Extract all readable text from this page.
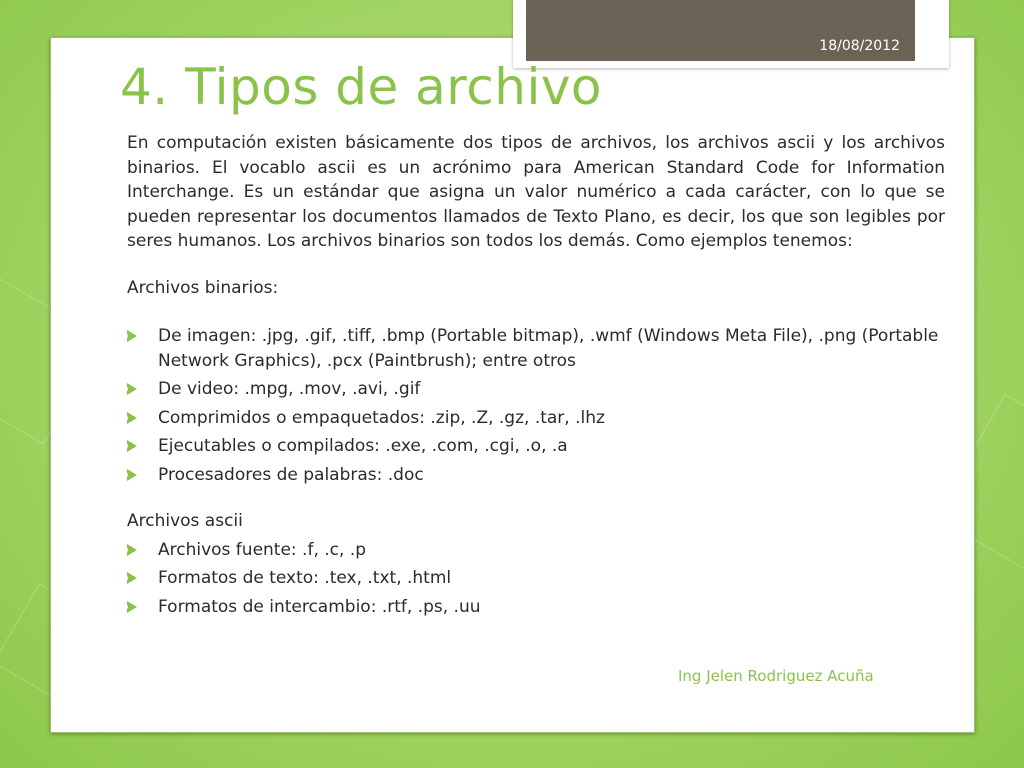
18/08/2012
4. Tipos de archivo

En computación existen básicamente dos tipos de archivos, los archivos ascii y los archivos binarios. El vocablo ascii es un acrónimo para American Standard Code for Information Interchange. Es un estándar que asigna un valor numérico a cada carácter, con lo que se pueden representar los documentos llamados de Texto Plano, es decir, los que son legibles por seres humanos. Los archivos binarios son todos los demás. Como ejemplos tenemos:

Archivos binarios:

De imagen: .jpg, .gif, .tiff, .bmp (Portable bitmap), .wmf (Windows Meta File), .png (Portable Network Graphics), .pcx (Paintbrush); entre otros
De video: .mpg, .mov, .avi, .gif
Comprimidos o empaquetados: .zip, .Z, .gz, .tar, .lhz
Ejecutables o compilados: .exe, .com, .cgi, .o, .a
Procesadores de palabras: .doc

Archivos ascii

Archivos fuente: .f, .c, .p
Formatos de texto: .tex, .txt, .html
Formatos de intercambio: .rtf, .ps, .uu
Ing Jelen Rodriguez Acuña
